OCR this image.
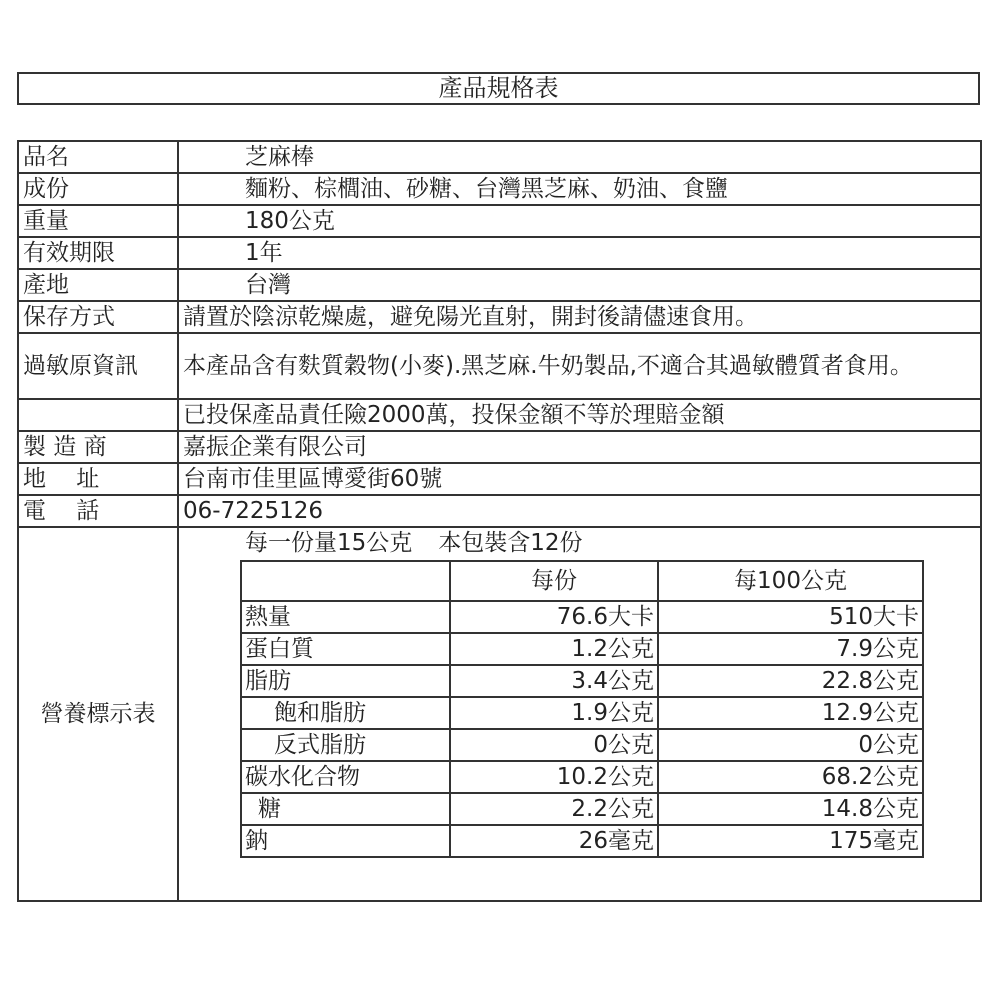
產品規格表
品名	芝麻棒
成份	麵粉、棕櫚油、砂糖、台灣黑芝麻、奶油、食鹽
重量	180公克
有效期限	1年
產地	台灣
保存方式	請置於陰涼乾燥處，避免陽光直射，開封後請儘速食用。
過敏原資訊	本產品含有麩質穀物(小麥).黑芝麻.牛奶製品,不適合其過敏體質者食用。
	已投保產品責任險2000萬，投保金額不等於理賠金額
製 造 商	嘉振企業有限公司
地　 址	台南市佳里區博愛街60號
電　 話	06-7225126
營養標示表	
每一份量15公克 本包裝含12份
	每份	每100公克
熱量	76.6大卡	510大卡
蛋白質	1.2公克	7.9公克
脂肪	3.4公克	22.8公克
飽和脂肪	1.9公克	12.9公克
反式脂肪	0公克	0公克
碳水化合物	10.2公克	68.2公克
糖	2.2公克	14.8公克
鈉	26毫克	175毫克
